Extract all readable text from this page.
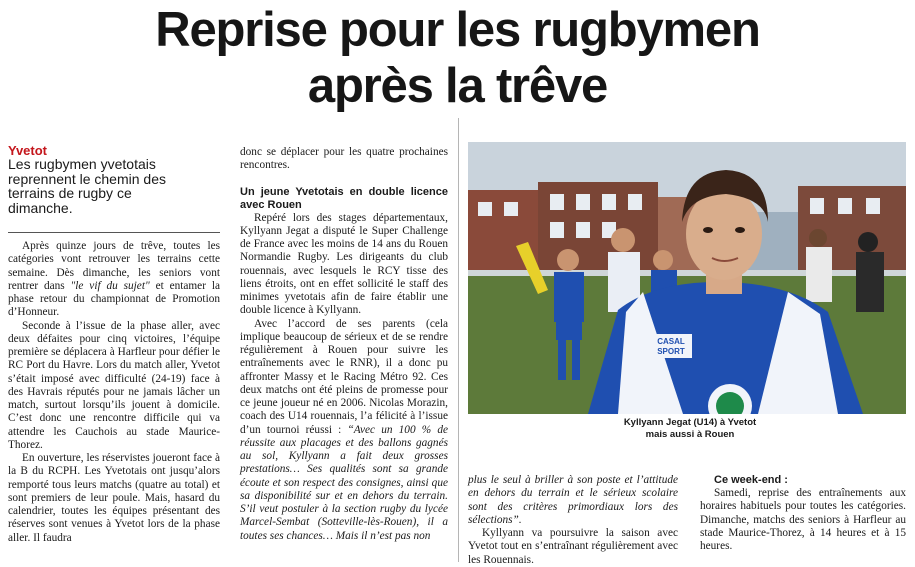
Reprise pour les rugbymen
après la trêve
Yvetot
Les rugbymen yvetotais reprennent le chemin des terrains de rugby ce dimanche.

Après quinze jours de trêve, toutes les catégories vont retrouver les terrains cette semaine. Dès dimanche, les seniors vont rentrer dans "le vif du sujet" et entamer la phase retour du championnat de Promotion d’Honneur.

Seconde à l’issue de la phase aller, avec deux défaites pour cinq victoires, l’équipe première se déplacera à Harfleur pour défier le RC Port du Havre. Lors du match aller, Yvetot s’était imposé avec difficulté (24-19) face à des Havrais réputés pour ne jamais lâcher un match, surtout lorsqu’ils jouent à domicile. C’est donc une rencontre difficile qui va attendre les Cauchois au stade Maurice-Thorez.

En ouverture, les réservistes joueront face à la B du RCPH. Les Yvetotais ont jusqu’alors remporté tous leurs matchs (quatre au total) et sont premiers de leur poule. Mais, hasard du calendrier, toutes les équipes présentant des réserves sont venues à Yvetot lors de la phase aller. Il faudra

donc se déplacer pour les quatre prochaines rencontres.

Un jeune Yvetotais en double licence avec Rouen

Repéré lors des stages départementaux, Kyllyann Jegat a disputé le Super Challenge de France avec les moins de 14 ans du Rouen Normandie Rugby. Les dirigeants du club rouennais, avec lesquels le RCY tisse des liens étroits, ont en effet sollicité le staff des minimes yvetotais afin de faire établir une double licence à Kyllyann.

Avec l’accord de ses parents (cela implique beaucoup de sérieux et de se rendre régulièrement à Rouen pour suivre les entraînements avec le RNR), il a donc pu affronter Massy et le Racing Métro 92. Ces deux matchs ont été pleins de promesse pour ce jeune joueur né en 2006. Nicolas Morazin, coach des U14 rouennais, l’a félicité à l’issue d’un tournoi réussi : “Avec un 100 % de réussite aux placages et des ballons gagnés au sol, Kyllyann a fait deux grosses prestations… Ses qualités sont sa grande écoute et son respect des consignes, ainsi que sa disponibilité sur et en dehors du terrain. S’il veut postuler à la section rugby du lycée Marcel-Sembat (Sotteville-lès-Rouen), il a toutes ses chances… Mais il n’est pas non

CASAL
SPORT

Kyllyann Jegat (U14) à Yvetot
mais aussi à Rouen

plus le seul à briller à son poste et l’attitude en dehors du terrain et le sérieux scolaire sont des critères primordiaux lors des sélections”.

Kyllyann va poursuivre la saison avec Yvetot tout en s’entraînant régulièrement avec les Rouennais.

Ce week-end :

Samedi, reprise des entraînements aux horaires habituels pour toutes les catégories. Dimanche, matchs des seniors à Harfleur au stade Maurice-Thorez, à 14 heures et à 15 heures.
